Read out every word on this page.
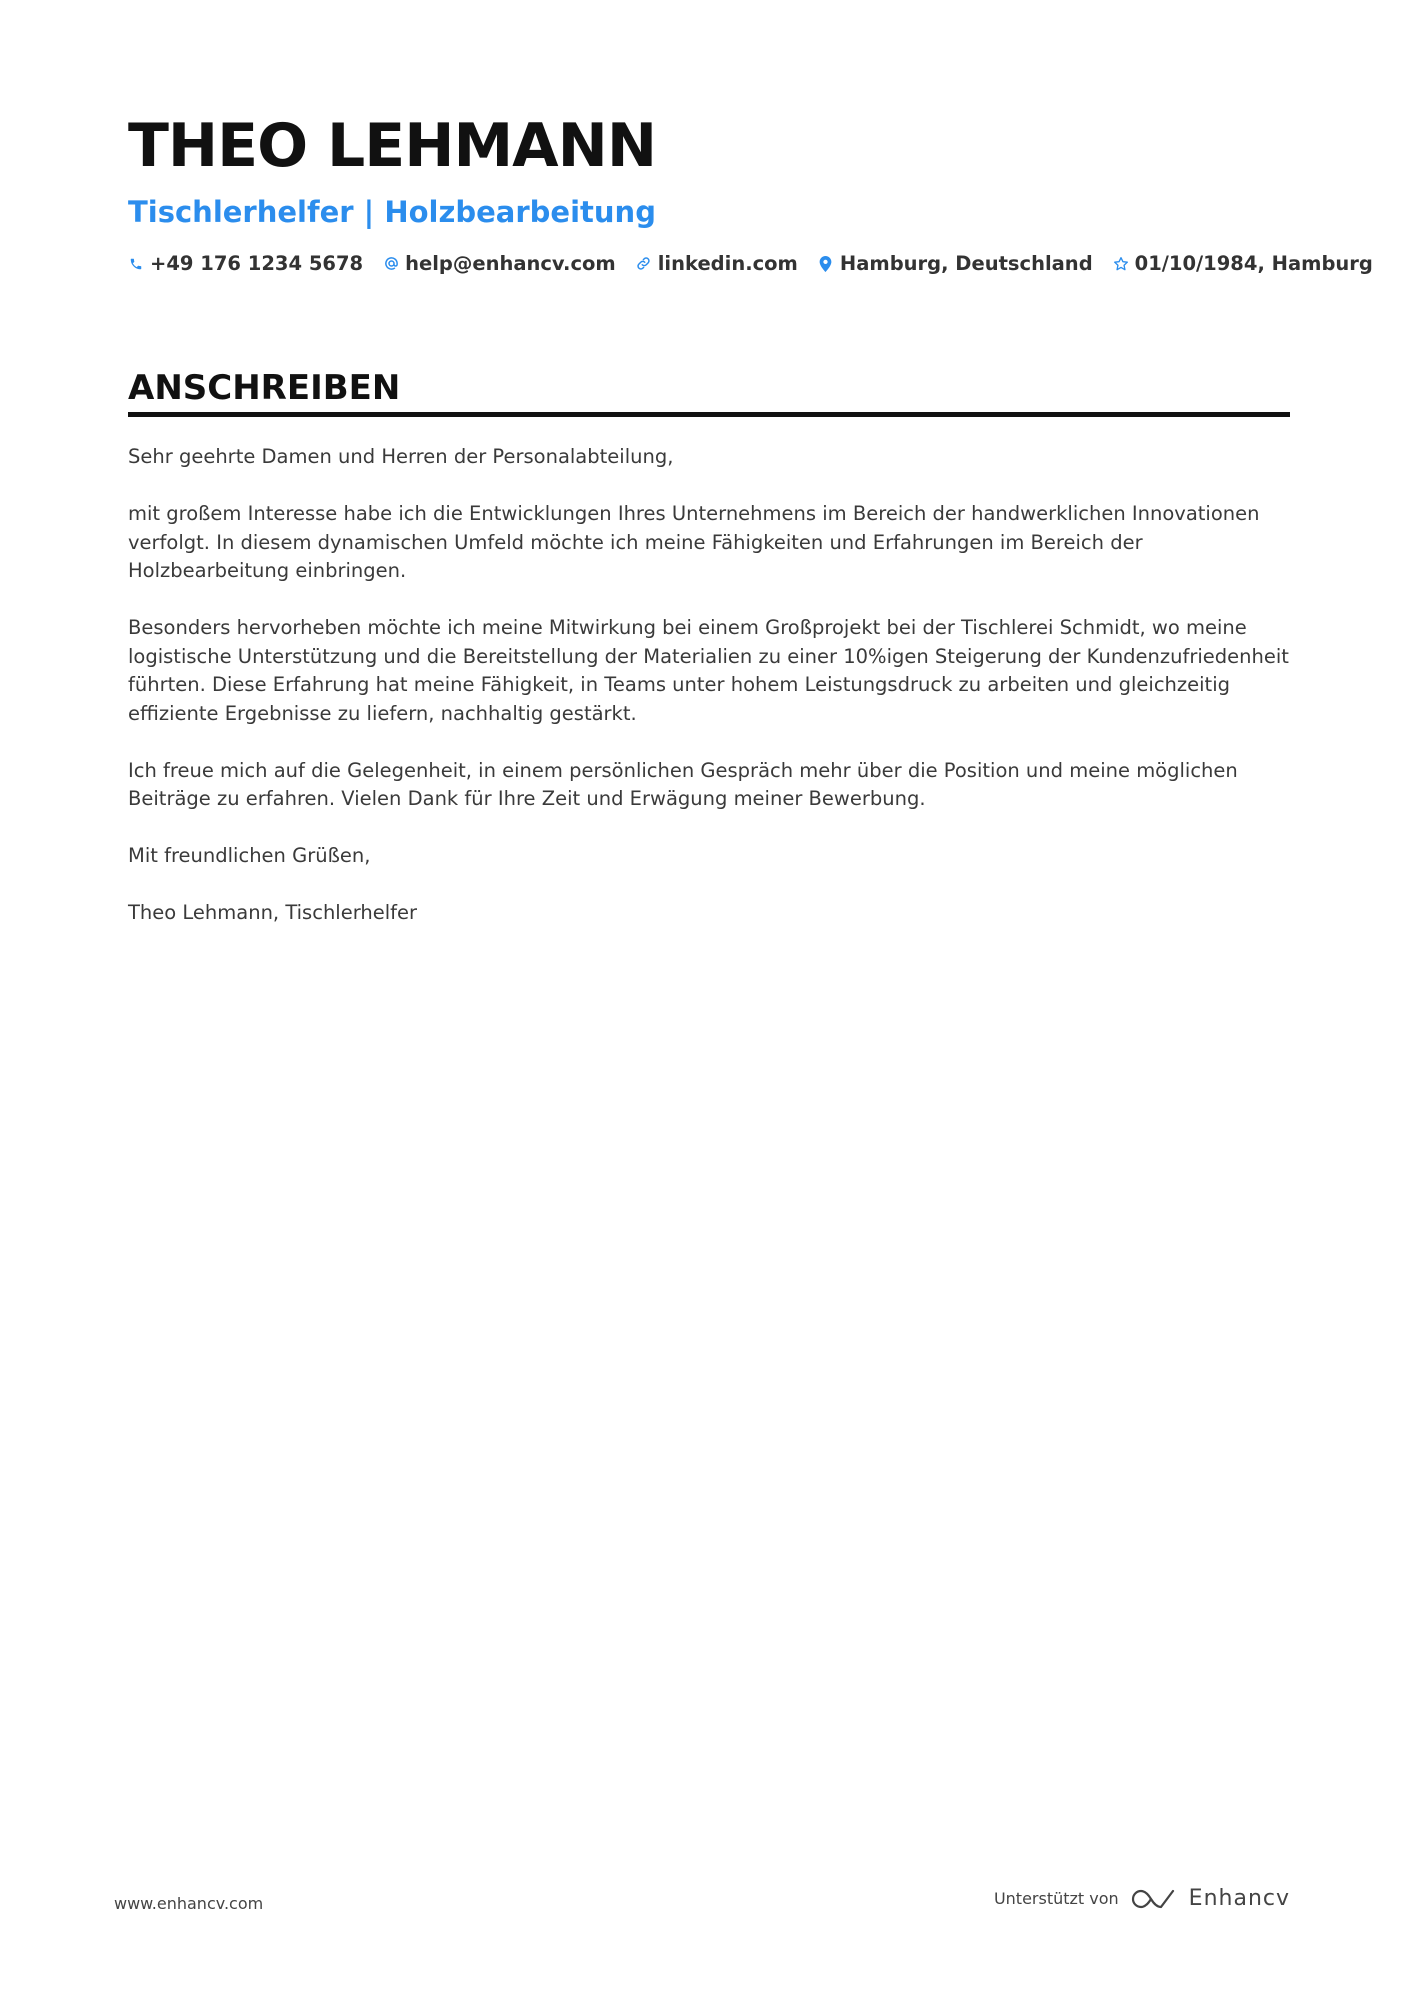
THEO LEHMANN
Tischlerhelfer | Holzbearbeitung
+49 176 1234 5678 help@enhancv.com linkedin.com Hamburg, Deutschland 01/10/1984, Hamburg
ANSCHREIBEN

Sehr geehrte Damen und Herren der Personalabteilung,

mit großem Interesse habe ich die Entwicklungen Ihres Unternehmens im Bereich der handwerklichen Innovationen verfolgt. In diesem dynamischen Umfeld möchte ich meine Fähigkeiten und Erfahrungen im Bereich der Holzbearbeitung einbringen.

Besonders hervorheben möchte ich meine Mitwirkung bei einem Großprojekt bei der Tischlerei Schmidt, wo meine logistische Unterstützung und die Bereitstellung der Materialien zu einer 10%igen Steigerung der Kundenzufriedenheit führten. Diese Erfahrung hat meine Fähigkeit, in Teams unter hohem Leistungsdruck zu arbeiten und gleichzeitig effiziente Ergebnisse zu liefern, nachhaltig gestärkt.

Ich freue mich auf die Gelegenheit, in einem persönlichen Gespräch mehr über die Position und meine möglichen Beiträge zu erfahren. Vielen Dank für Ihre Zeit und Erwägung meiner Bewerbung.

Mit freundlichen Grüßen,

Theo Lehmann, Tischlerhelfer

www.enhancv.com	Unterstützt von	Enhancv
